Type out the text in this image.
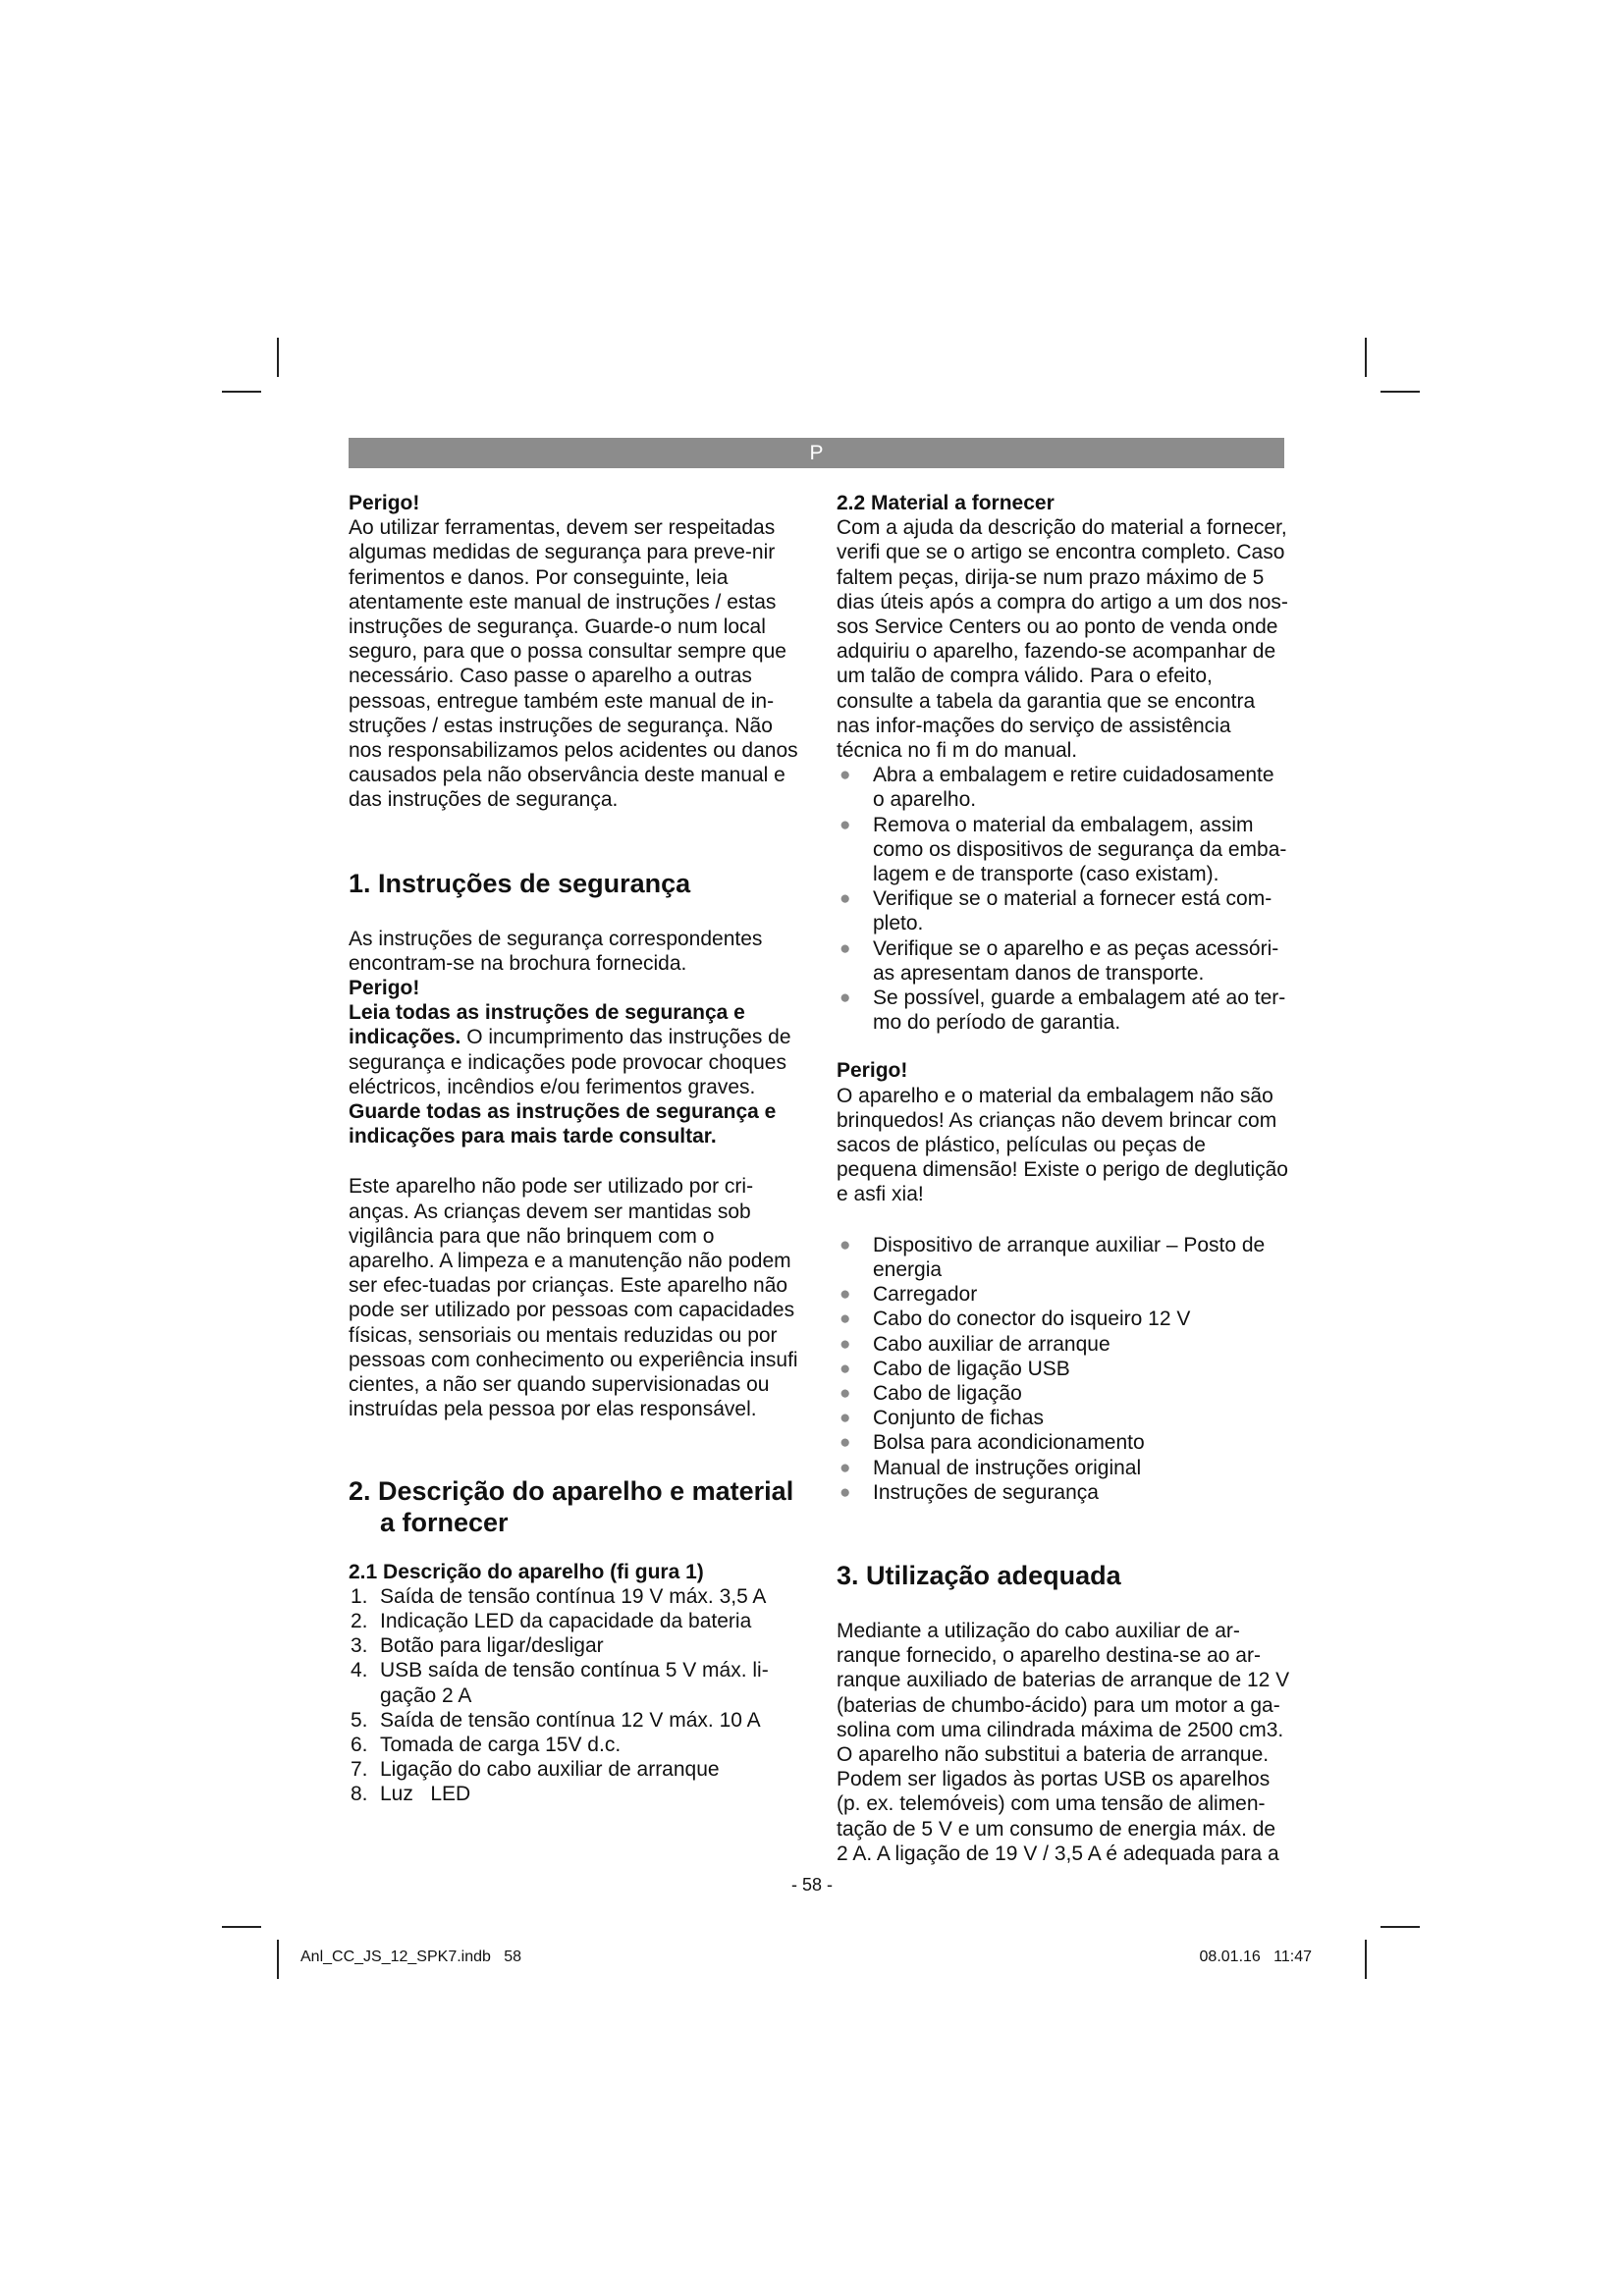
P

Perigo!

Ao utilizar ferramentas, devem ser respeitadas algumas medidas de segurança para preve-nir ferimentos e danos. Por conseguinte, leia atentamente este manual de instruções / estas instruções de segurança. Guarde-o num local seguro, para que o possa consultar sempre que necessário. Caso passe o aparelho a outras pessoas, entregue também este manual de in-struções / estas instruções de segurança. Não nos responsabilizamos pelos acidentes ou danos causados pela não observância deste manual e das instruções de segurança.

1. Instruções de segurança

As instruções de segurança correspondentes encontram-se na brochura fornecida.

Perigo!

Leia todas as instruções de segurança e indicações. O incumprimento das instruções de segurança e indicações pode provocar choques eléctricos, incêndios e/ou ferimentos graves.

Guarde todas as instruções de segurança e indicações para mais tarde consultar.

Este aparelho não pode ser utilizado por cri-anças. As crianças devem ser mantidas sob vigilância para que não brinquem com o aparelho. A limpeza e a manutenção não podem ser efec-tuadas por crianças. Este aparelho não pode ser utilizado por pessoas com capacidades físicas, sensoriais ou mentais reduzidas ou por pessoas com conhecimento ou experiência insufi cientes, a não ser quando supervisionadas ou instruídas pela pessoa por elas responsável.

2. Descrição do aparelho e material
a fornecer
2.1 Descrição do aparelho (fi gura 1)
1. Saída de tensão contínua 19 V máx. 3,5 A
2. Indicação LED da capacidade da bateria
3. Botão para ligar/desligar
4. USB saída de tensão contínua 5 V máx. li-gação 2 A
5. Saída de tensão contínua 12 V máx. 10 A
6. Tomada de carga 15V d.c.
7. Ligação do cabo auxiliar de arranque
8. Luz   LED
2.2 Material a fornecer

Com a ajuda da descrição do material a fornecer, verifi que se o artigo se encontra completo. Caso faltem peças, dirija-se num prazo máximo de 5 dias úteis após a compra do artigo a um dos nos-sos Service Centers ou ao ponto de venda onde adquiriu o aparelho, fazendo-se acompanhar de um talão de compra válido. Para o efeito, consulte a tabela da garantia que se encontra nas infor-mações do serviço de assistência técnica no fi m do manual.

● Abra a embalagem e retire cuidadosamente o aparelho.
● Remova o material da embalagem, assim como os dispositivos de segurança da emba-lagem e de transporte (caso existam).
● Verifique se o material a fornecer está com-pleto.
● Verifique se o aparelho e as peças acessóri-as apresentam danos de transporte.
● Se possível, guarde a embalagem até ao ter-mo do período de garantia.

Perigo!

O aparelho e o material da embalagem não são brinquedos! As crianças não devem brincar com sacos de plástico, películas ou peças de pequena dimensão! Existe o perigo de deglutição e asfi xia!

● Dispositivo de arranque auxiliar – Posto de energia
● Carregador
● Cabo do conector do isqueiro 12 V
● Cabo auxiliar de arranque
● Cabo de ligação USB
● Cabo de ligação
● Conjunto de fichas
● Bolsa para acondicionamento
● Manual de instruções original
● Instruções de segurança
3. Utilização adequada

Mediante a utilização do cabo auxiliar de ar-ranque fornecido, o aparelho destina-se ao ar-ranque auxiliado de baterias de arranque de 12 V (baterias de chumbo-ácido) para um motor a ga-solina com uma cilindrada máxima de 2500 cm3. O aparelho não substitui a bateria de arranque. Podem ser ligados às portas USB os aparelhos (p. ex. telemóveis) com uma tensão de alimen-tação de 5 V e um consumo de energia máx. de 2 A. A ligação de 19 V / 3,5 A é adequada para a

- 58 -
Anl_CC_JS_12_SPK7.indb   58	08.01.16   11:47
